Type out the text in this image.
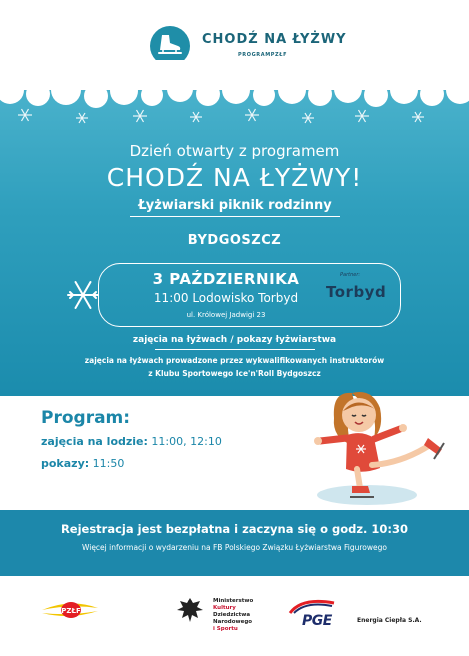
CHODŹ NA ŁYŻWY
PROGRAMPZŁF
Dzień otwarty z programem
CHODŹ NA ŁYŻWY!
Łyżwiarski piknik rodzinny
BYDGOSZCZ
3 PAŹDZIERNIKA
11:00 Lodowisko Torbyd
ul. Królowej Jadwigi 23
Partner:
Torbyd
zajęcia na łyżwach / pokazy łyżwiarstwa
zajęcia na łyżwach prowadzone przez wykwalifikowanych instruktorów
z Klubu Sportowego Ice'n'Roll Bydgoszcz
Program:
zajęcia na lodzie: 11:00, 12:10
pokazy: 11:50
Rejestracja jest bezpłatna i zaczyna się o godz. 10:30
Więcej informacji o wydarzeniu na FB Polskiego Związku Łyżwiarstwa Figurowego
PZŁF
Ministerstwo
Kultury
Dziedzictwa
Narodowego
i Sportu	PGE	Energia Ciepła S.A.
